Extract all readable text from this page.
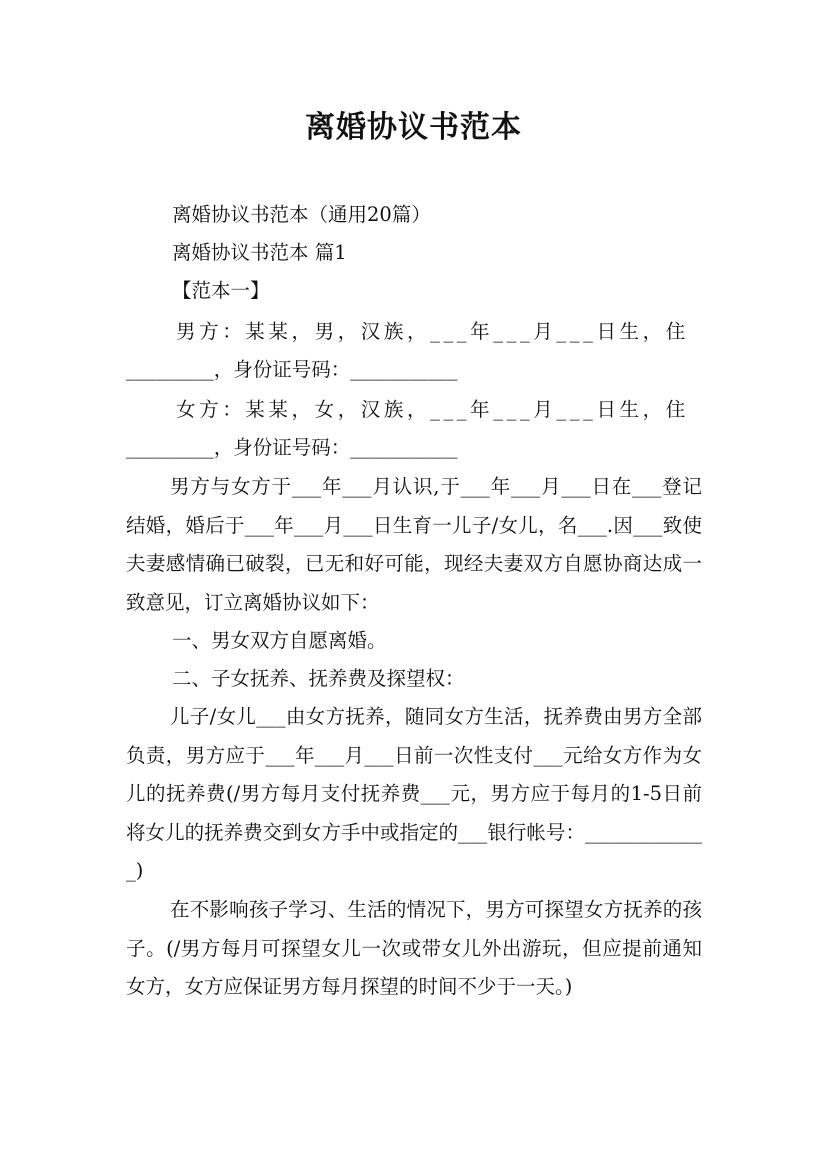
离婚协议书范本

离婚协议书范本（通用20篇）

离婚协议书范本 篇1

【范本一】

男方：某某，男，汉族，___年___月___日生，住

_________，身份证号码：___________

女方：某某，女，汉族，___年___月___日生，住

_________，身份证号码：___________

男方与女方于___年___月认识,于___年___月___日在___登记结婚，婚后于___年___月___日生育一儿子/女儿，名___.因___致使夫妻感情确已破裂，已无和好可能，现经夫妻双方自愿协商达成一致意见，订立离婚协议如下：

一、男女双方自愿离婚。

二、子女抚养、抚养费及探望权：

儿子/女儿___由女方抚养，随同女方生活，抚养费由男方全部负责，男方应于___年___月___日前一次性支付___元给女方作为女儿的抚养费(/男方每月支付抚养费___元，男方应于每月的1-5日前将女儿的抚养费交到女方手中或指定的___银行帐号：_____________)

在不影响孩子学习、生活的情况下，男方可探望女方抚养的孩子。(/男方每月可探望女儿一次或带女儿外出游玩，但应提前通知女方，女方应保证男方每月探望的时间不少于一天。)
